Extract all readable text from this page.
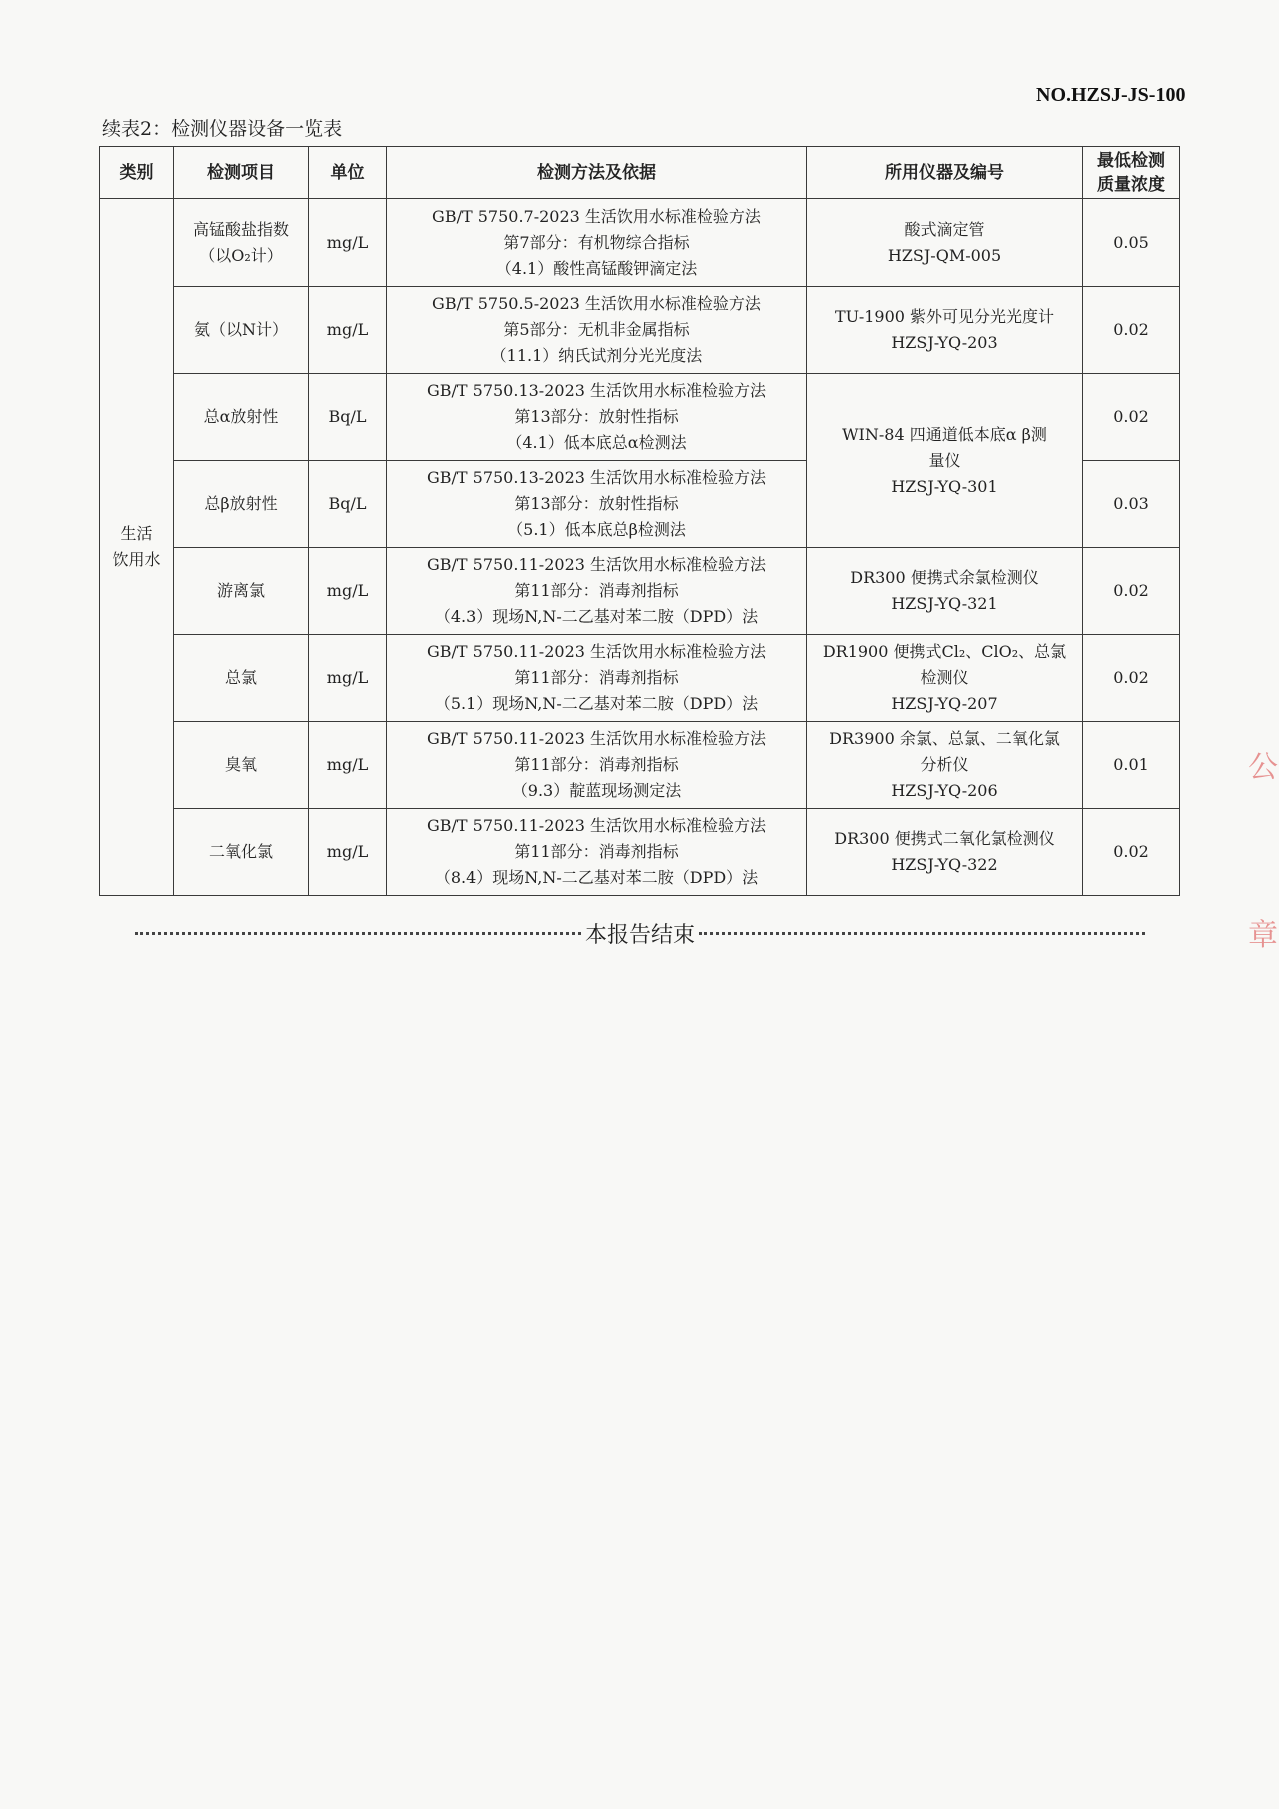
NO.HZSJ-JS-100
续表2：检测仪器设备一览表
类别	检测项目	单位	检测方法及依据	所用仪器及编号	最低检测
质量浓度

生活
饮用水	高锰酸盐指数
（以O₂计）	mg/L	GB/T 5750.7-2023 生活饮用水标准检验方法
第7部分：有机物综合指标
（4.1）酸性高锰酸钾滴定法	酸式滴定管
HZSJ-QM-005	0.05
	氨（以N计）	mg/L	GB/T 5750.5-2023 生活饮用水标准检验方法
第5部分：无机非金属指标
（11.1）纳氏试剂分光光度法	TU-1900 紫外可见分光光度计
HZSJ-YQ-203	0.02
	总α放射性	Bq/L	GB/T 5750.13-2023 生活饮用水标准检验方法
第13部分：放射性指标
（4.1）低本底总α检测法	WIN-84 四通道低本底α β测
量仪
HZSJ-YQ-301	0.02
	总β放射性	Bq/L	GB/T 5750.13-2023 生活饮用水标准检验方法
第13部分：放射性指标
（5.1）低本底总β检测法		0.03
	游离氯	mg/L	GB/T 5750.11-2023 生活饮用水标准检验方法
第11部分：消毒剂指标
（4.3）现场N,N-二乙基对苯二胺（DPD）法	DR300 便携式余氯检测仪
HZSJ-YQ-321	0.02
	总氯	mg/L	GB/T 5750.11-2023 生活饮用水标准检验方法
第11部分：消毒剂指标
（5.1）现场N,N-二乙基对苯二胺（DPD）法	DR1900 便携式Cl₂、ClO₂、总氯
检测仪
HZSJ-YQ-207	0.02
	臭氧	mg/L	GB/T 5750.11-2023 生活饮用水标准检验方法
第11部分：消毒剂指标
（9.3）靛蓝现场测定法	DR3900 余氯、总氯、二氧化氯
分析仪
HZSJ-YQ-206	0.01
	二氧化氯	mg/L	GB/T 5750.11-2023 生活饮用水标准检验方法
第11部分：消毒剂指标
（8.4）现场N,N-二乙基对苯二胺（DPD）法	DR300 便携式二氧化氯检测仪
HZSJ-YQ-322	0.02
本报告结束
公
章
